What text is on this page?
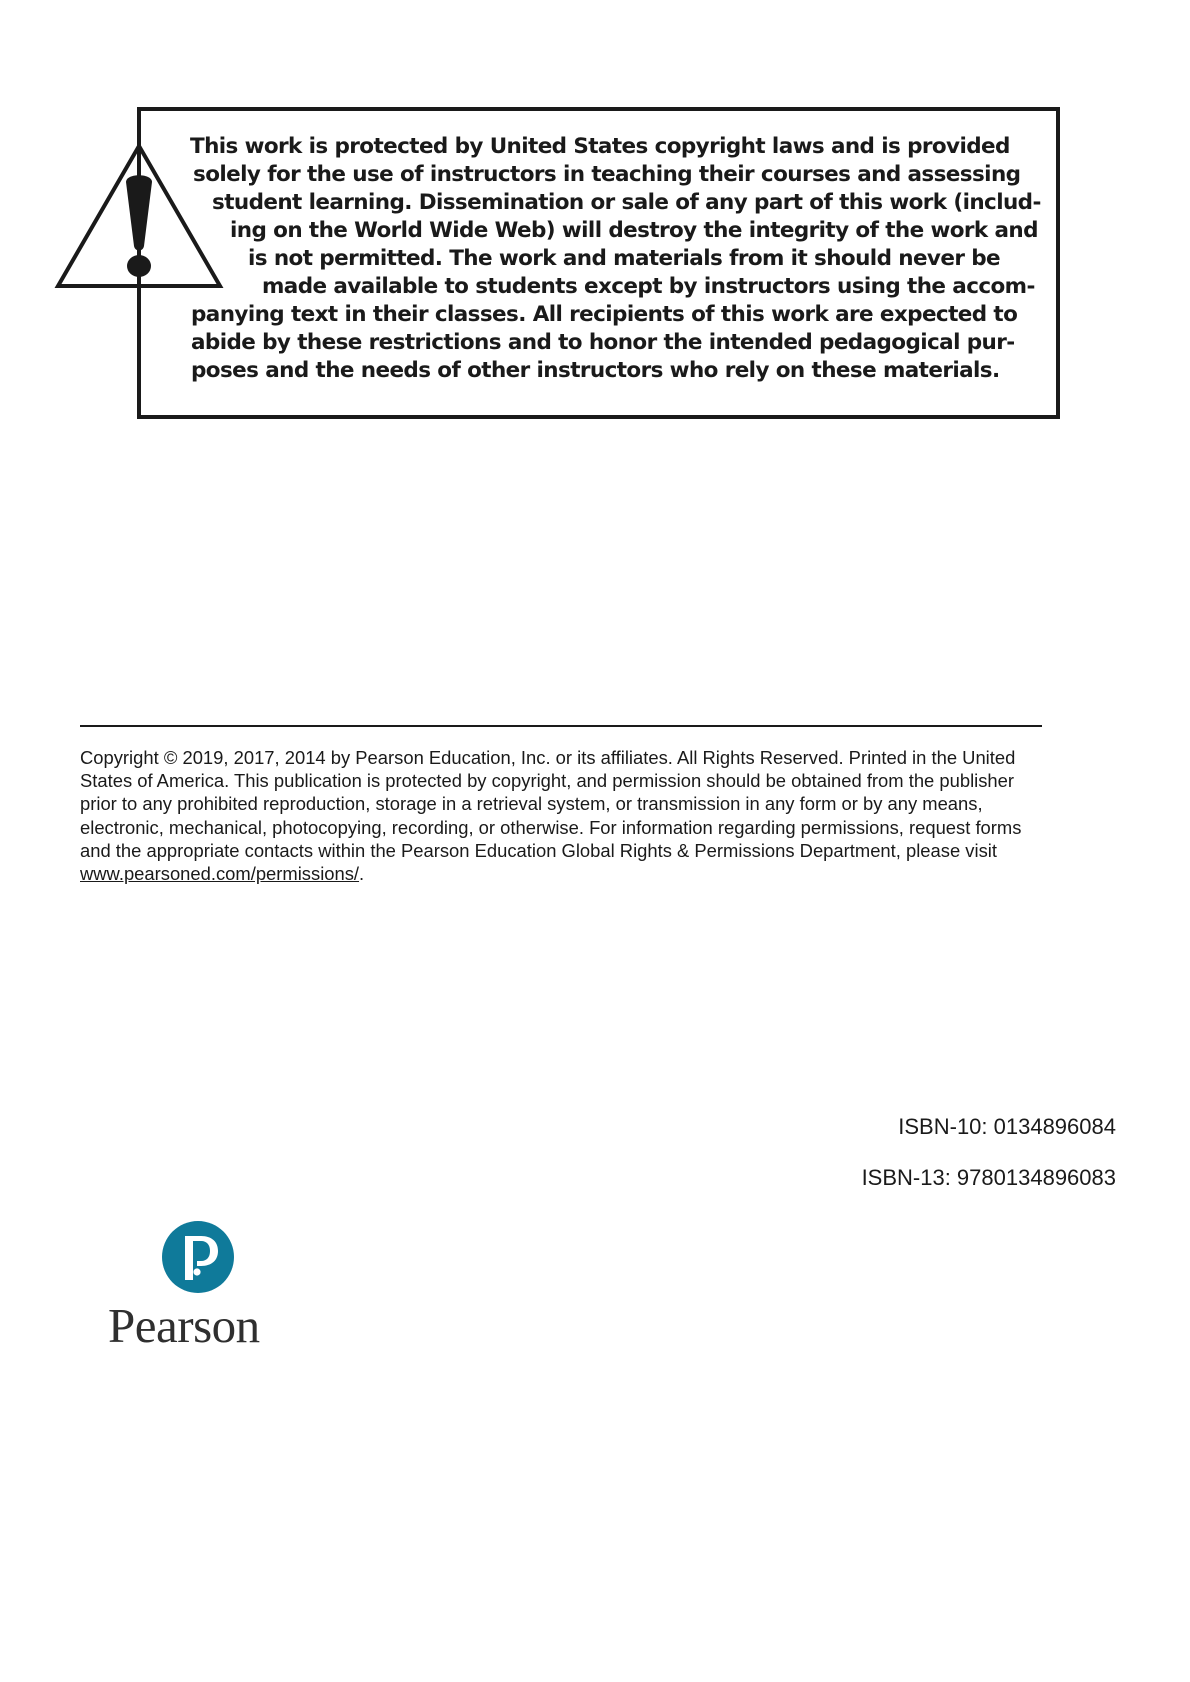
This work is protected by United States copyright laws and is provided

solely for the use of instructors in teaching their courses and assessing

student learning. Dissemination or sale of any part of this work (includ-

ing on the World Wide Web) will destroy the integrity of the work and

is not permitted. The work and materials from it should never be

made available to students except by instructors using the accom-

panying text in their classes. All recipients of this work are expected to

abide by these restrictions and to honor the intended pedagogical pur-

poses and the needs of other instructors who rely on these materials.

Copyright © 2019, 2017, 2014 by Pearson Education, Inc. or its affiliates. All Rights Reserved. Printed in the United
States of America. This publication is protected by copyright, and permission should be obtained from the publisher
prior to any prohibited reproduction, storage in a retrieval system, or transmission in any form or by any means,
electronic, mechanical, photocopying, recording, or otherwise. For information regarding permissions, request forms
and the appropriate contacts within the Pearson Education Global Rights & Permissions Department, please visit
www.pearsoned.com/permissions/.

ISBN-10: 0134896084

ISBN-13: 9780134896083

Pearson
